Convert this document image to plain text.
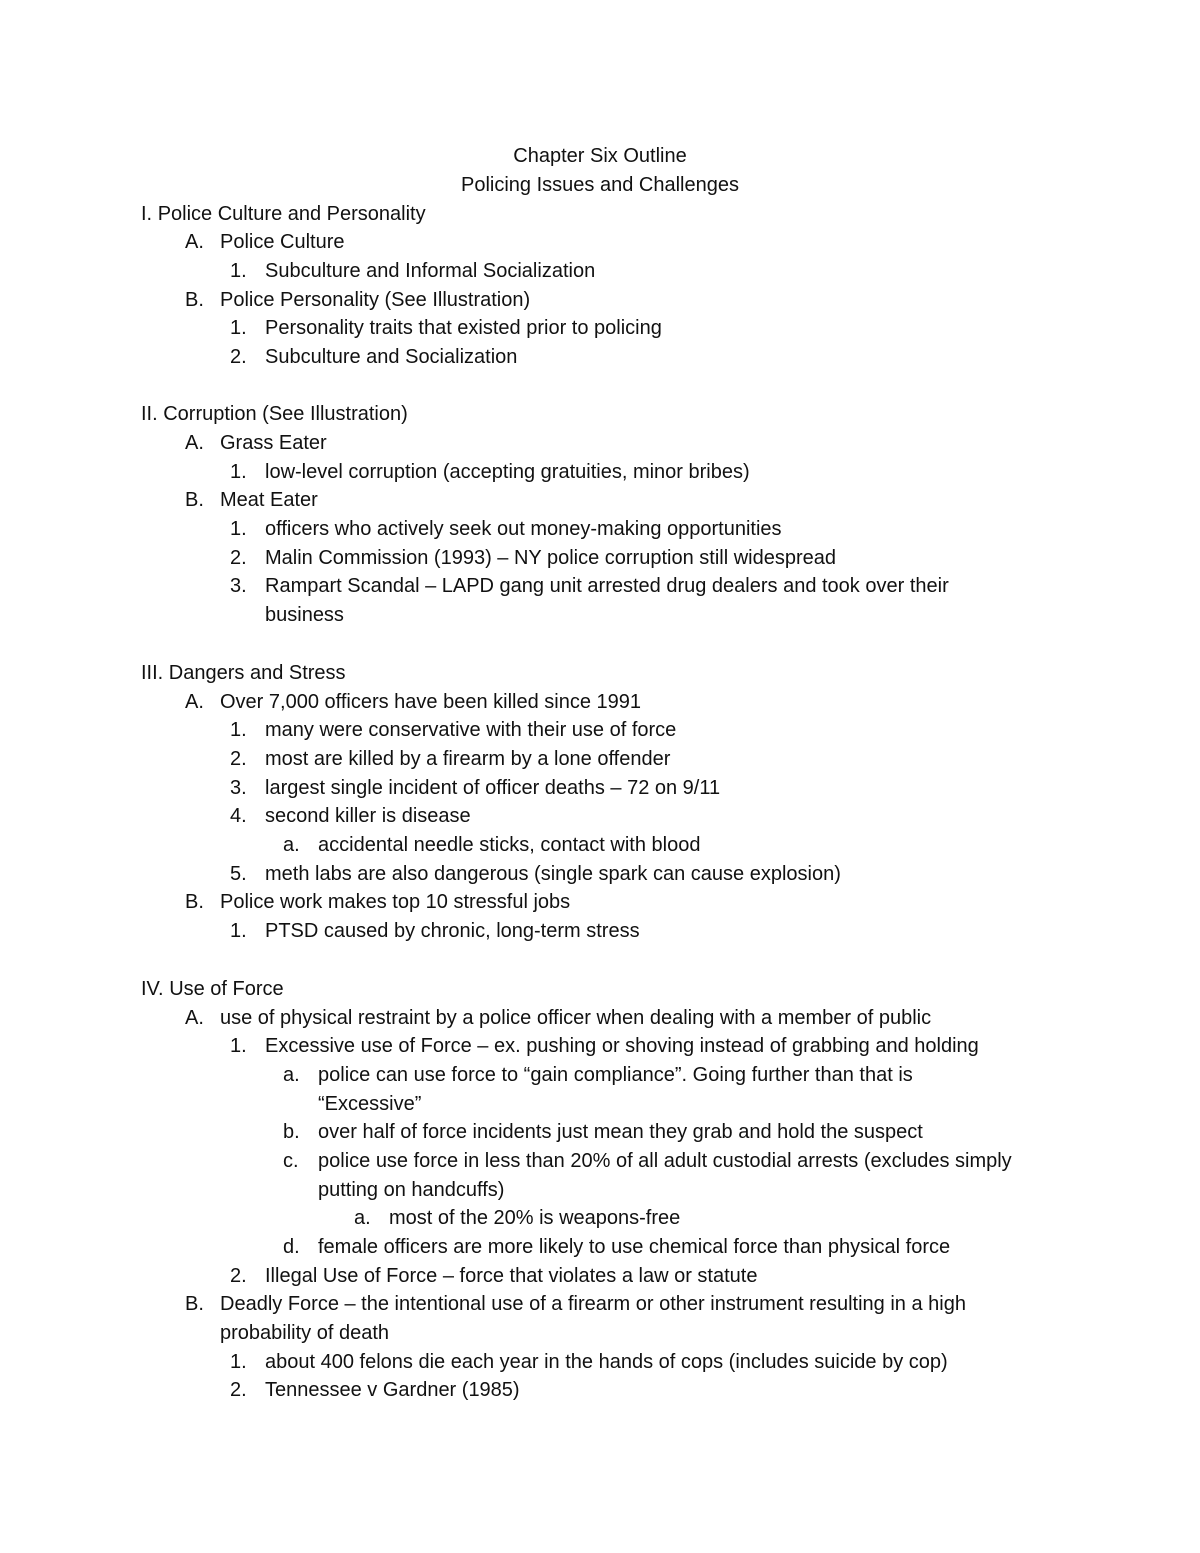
Chapter Six Outline
Policing Issues and Challenges
I. Police Culture and Personality
A. Police Culture
1. Subculture and Informal Socialization
B. Police Personality (See Illustration)
1. Personality traits that existed prior to policing
2. Subculture and Socialization
II. Corruption (See Illustration)
A. Grass Eater
1. low-level corruption (accepting gratuities, minor bribes)
B. Meat Eater
1. officers who actively seek out money-making opportunities
2. Malin Commission (1993) – NY police corruption still widespread
3. Rampart Scandal – LAPD gang unit arrested drug dealers and took over their
business
III. Dangers and Stress
A. Over 7,000 officers have been killed since 1991
1. many were conservative with their use of force
2. most are killed by a firearm by a lone offender
3. largest single incident of officer deaths – 72 on 9/11
4. second killer is disease
a. accidental needle sticks, contact with blood
5. meth labs are also dangerous (single spark can cause explosion)
B. Police work makes top 10 stressful jobs
1. PTSD caused by chronic, long-term stress
IV. Use of Force
A. use of physical restraint by a police officer when dealing with a member of public
1. Excessive use of Force – ex. pushing or shoving instead of grabbing and holding
a. police can use force to “gain compliance”. Going further than that is
“Excessive”
b. over half of force incidents just mean they grab and hold the suspect
c. police use force in less than 20% of all adult custodial arrests (excludes simply
putting on handcuffs)
a. most of the 20% is weapons-free
d. female officers are more likely to use chemical force than physical force
2. Illegal Use of Force – force that violates a law or statute
B. Deadly Force – the intentional use of a firearm or other instrument resulting in a high
probability of death
1. about 400 felons die each year in the hands of cops (includes suicide by cop)
2. Tennessee v Gardner (1985)
